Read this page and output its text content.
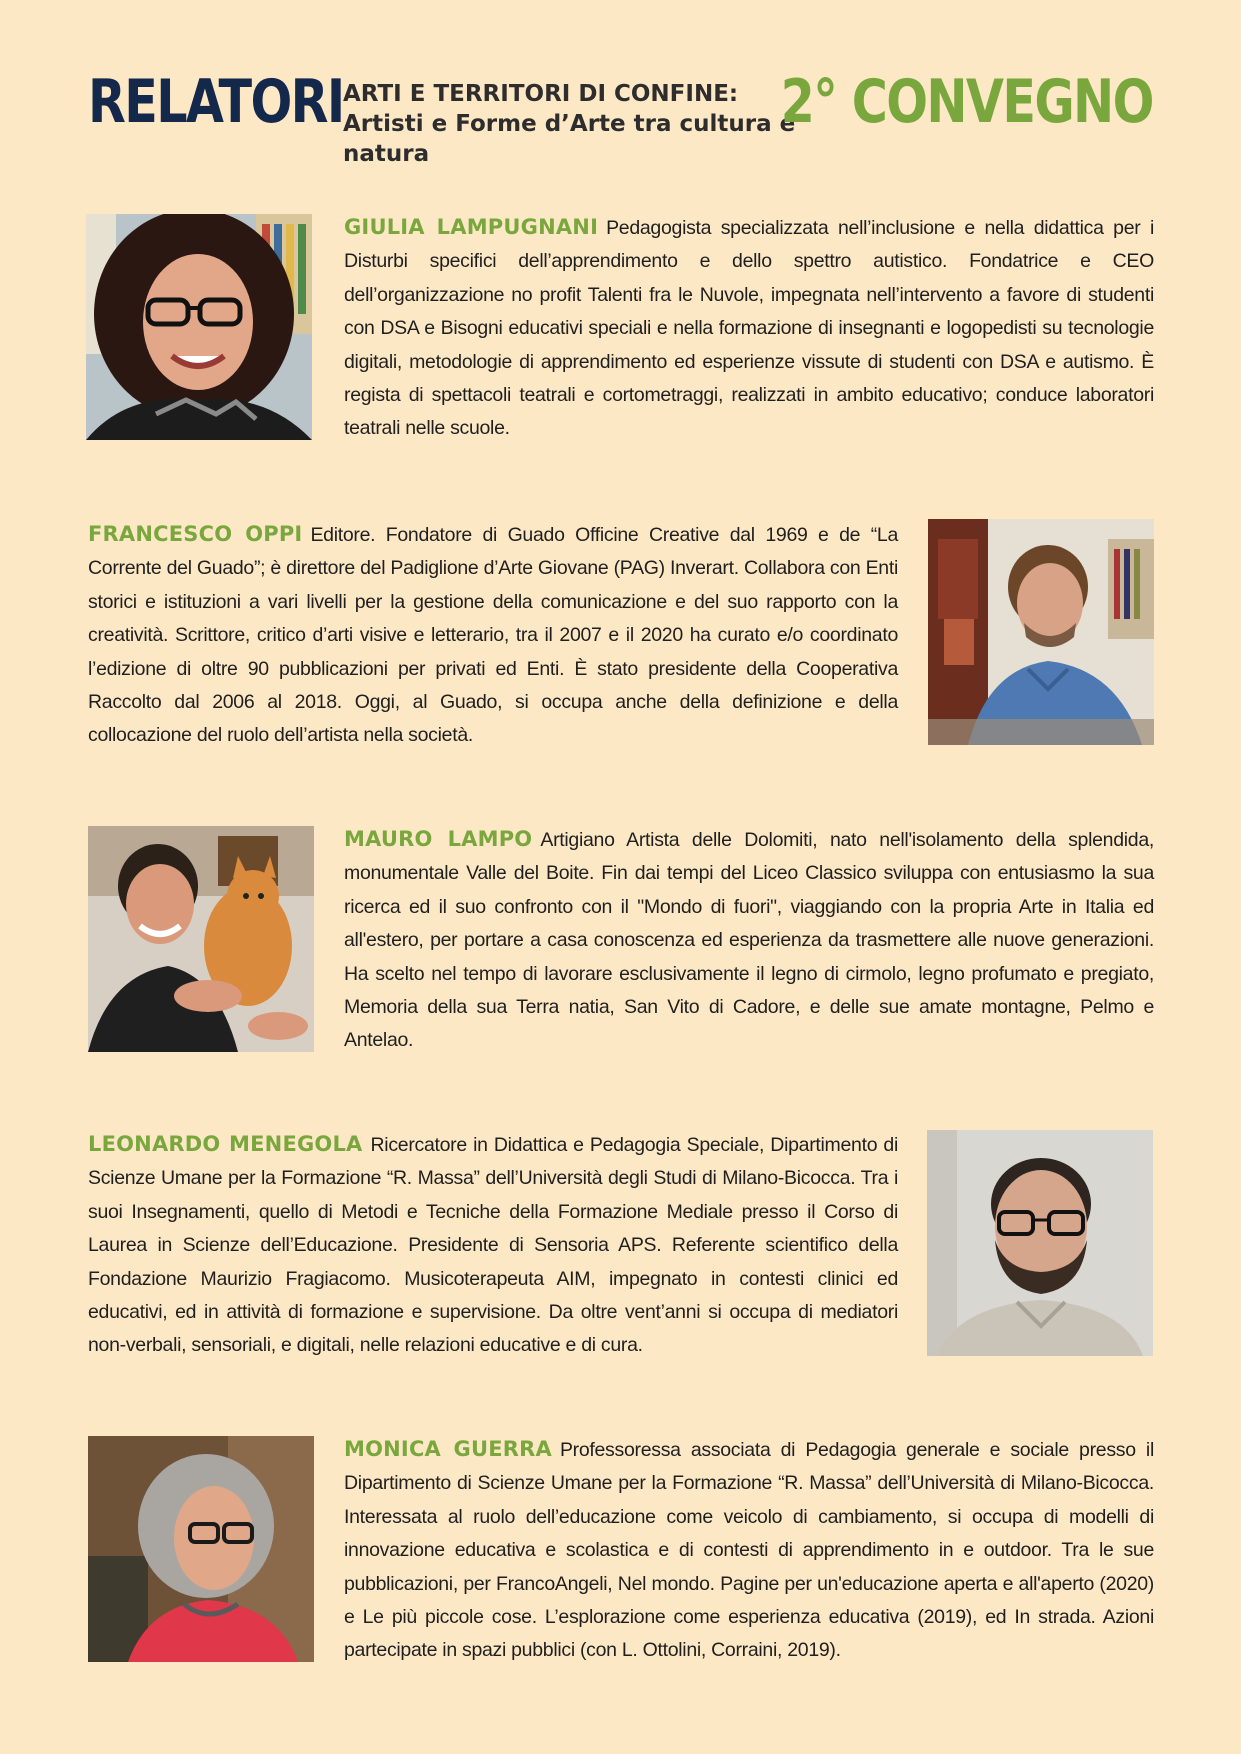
RELATORI ARTI E TERRITORI DI CONFINE:
Artisti e Forme d’Arte tra cultura e natura
2° CONVEGNO
GIULIA LAMPUGNANI Pedagogista specializzata nell’inclusione e nella didattica per i Disturbi specifici dell’apprendimento e dello spettro autistico. Fondatrice e CEO dell’organizzazione no profit Talenti fra le Nuvole, impegnata nell’intervento a favore di studenti con DSA e Bisogni educativi speciali e nella formazione di insegnanti e logopedisti su tecnologie digitali, metodologie di apprendimento ed esperienze vissute di studenti con DSA e autismo. È regista di spettacoli teatrali e cortometraggi, realizzati in ambito educativo; conduce laboratori teatrali nelle scuole.
FRANCESCO OPPI Editore. Fondatore di Guado Officine Creative dal 1969 e de “La Corrente del Guado”; è direttore del Padiglione d’Arte Giovane (PAG) Inverart. Collabora con Enti storici e istituzioni a vari livelli per la gestione della comunicazione e del suo rapporto con la creatività. Scrittore, critico d’arti visive e letterario, tra il 2007 e il 2020 ha curato e/o coordinato l’edizione di oltre 90 pubblicazioni per privati ed Enti. È stato presidente della Cooperativa Raccolto dal 2006 al 2018. Oggi, al Guado, si occupa anche della definizione e della collocazione del ruolo dell’artista nella società.
MAURO LAMPO Artigiano Artista delle Dolomiti, nato nell'isolamento della splendida, monumentale Valle del Boite. Fin dai tempi del Liceo Classico sviluppa con entusiasmo la sua ricerca ed il suo confronto con il "Mondo di fuori", viaggiando con la propria Arte in Italia ed all'estero, per portare a casa conoscenza ed esperienza da trasmettere alle nuove generazioni. Ha scelto nel tempo di lavorare esclusivamente il legno di cirmolo, legno profumato e pregiato, Memoria della sua Terra natia, San Vito di Cadore, e delle sue amate montagne, Pelmo e Antelao.
LEONARDO MENEGOLA Ricercatore in Didattica e Pedagogia Speciale, Dipartimento di Scienze Umane per la Formazione “R. Massa” dell’Università degli Studi di Milano-Bicocca. Tra i suoi Insegnamenti, quello di Metodi e Tecniche della Formazione Mediale presso il Corso di Laurea in Scienze dell’Educazione. Presidente di Sensoria APS. Referente scientifico della Fondazione Maurizio Fragiacomo. Musicoterapeuta AIM, impegnato in contesti clinici ed educativi, ed in attività di formazione e supervisione. Da oltre vent’anni si occupa di mediatori non-verbali, sensoriali, e digitali, nelle relazioni educative e di cura.
MONICA GUERRA Professoressa associata di Pedagogia generale e sociale presso il Dipartimento di Scienze Umane per la Formazione “R. Massa” dell’Università di Milano-Bicocca. Interessata al ruolo dell’educazione come veicolo di cambiamento, si occupa di modelli di innovazione educativa e scolastica e di contesti di apprendimento in e outdoor. Tra le sue pubblicazioni, per FrancoAngeli, Nel mondo. Pagine per un'educazione aperta e all'aperto (2020) e Le più piccole cose. L’esplorazione come esperienza educativa (2019), ed In strada. Azioni partecipate in spazi pubblici (con L. Ottolini, Corraini, 2019).
